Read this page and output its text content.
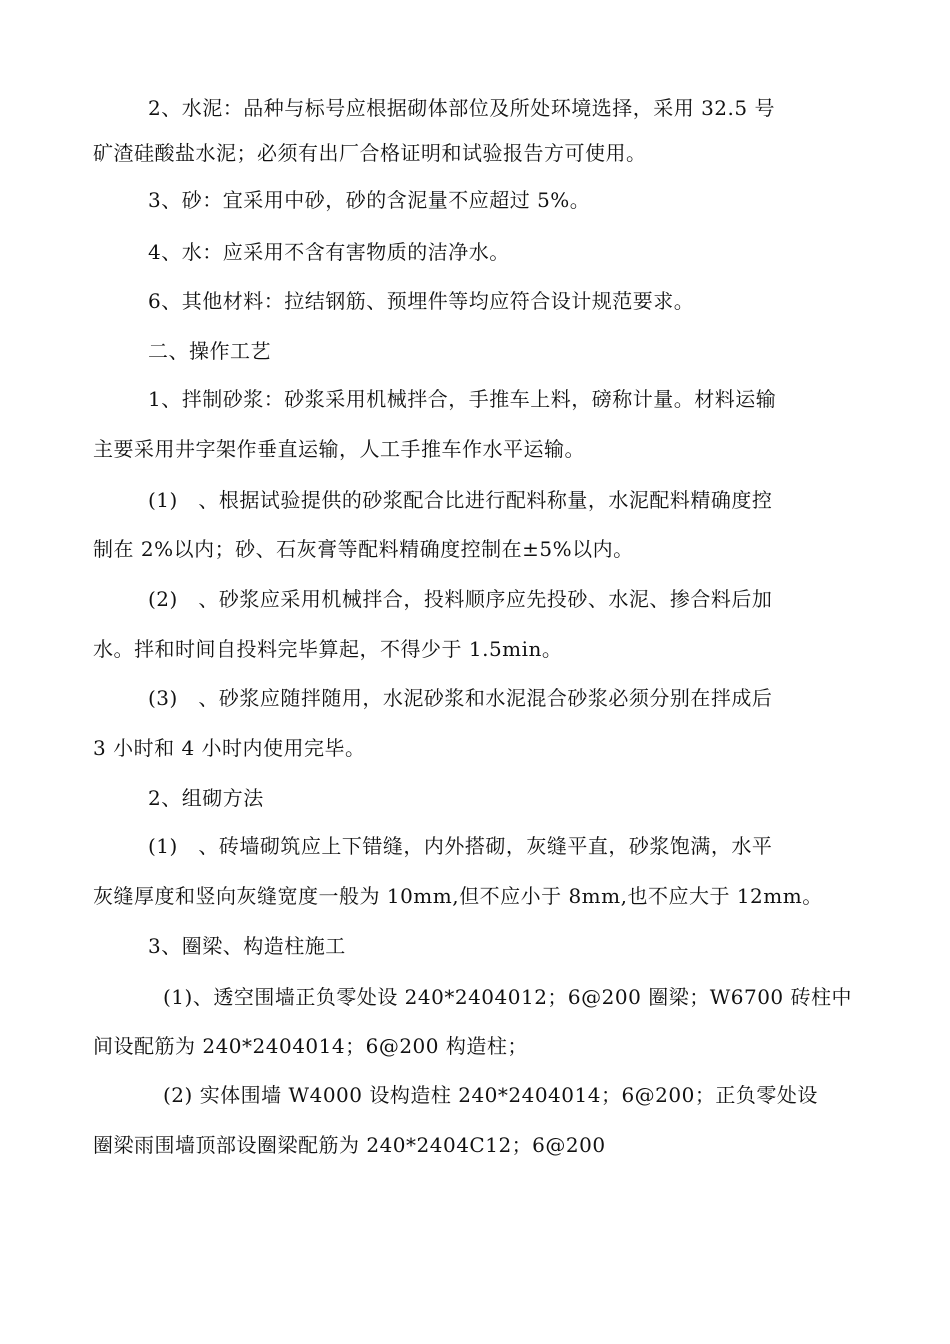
2、水泥：品种与标号应根据砌体部位及所处环境选择，采用 32.5 号
矿渣硅酸盐水泥；必须有出厂合格证明和试验报告方可使用。
3、砂：宜采用中砂，砂的含泥量不应超过 5%。
4、水：应采用不含有害物质的洁净水。
6、其他材料：拉结钢筋、预埋件等均应符合设计规范要求。
二、操作工艺
1、拌制砂浆：砂浆采用机械拌合，手推车上料，磅称计量。材料运输
主要采用井字架作垂直运输，人工手推车作水平运输。
(1)　、根据试验提供的砂浆配合比进行配料称量，水泥配料精确度控
制在 2%以内；砂、石灰膏等配料精确度控制在±5%以内。
(2)　、砂浆应采用机械拌合，投料顺序应先投砂、水泥、掺合料后加
水。拌和时间自投料完毕算起，不得少于 1.5min。
(3)　、砂浆应随拌随用，水泥砂浆和水泥混合砂浆必须分别在拌成后
3 小时和 4 小时内使用完毕。
2、组砌方法
(1)　、砖墙砌筑应上下错缝，内外搭砌，灰缝平直，砂浆饱满，水平
灰缝厚度和竖向灰缝宽度一般为 10mm,但不应小于 8mm,也不应大于 12mm。
3、圈梁、构造柱施工
(1)、透空围墙正负零处设 240*2404012；6@200 圈梁；W6700 砖柱中
间设配筋为 240*2404014；6@200 构造柱；
(2) 实体围墙 W4000 设构造柱 240*2404014；6@200；正负零处设
圈梁雨围墙顶部设圈梁配筋为 240*2404C12；6@200
